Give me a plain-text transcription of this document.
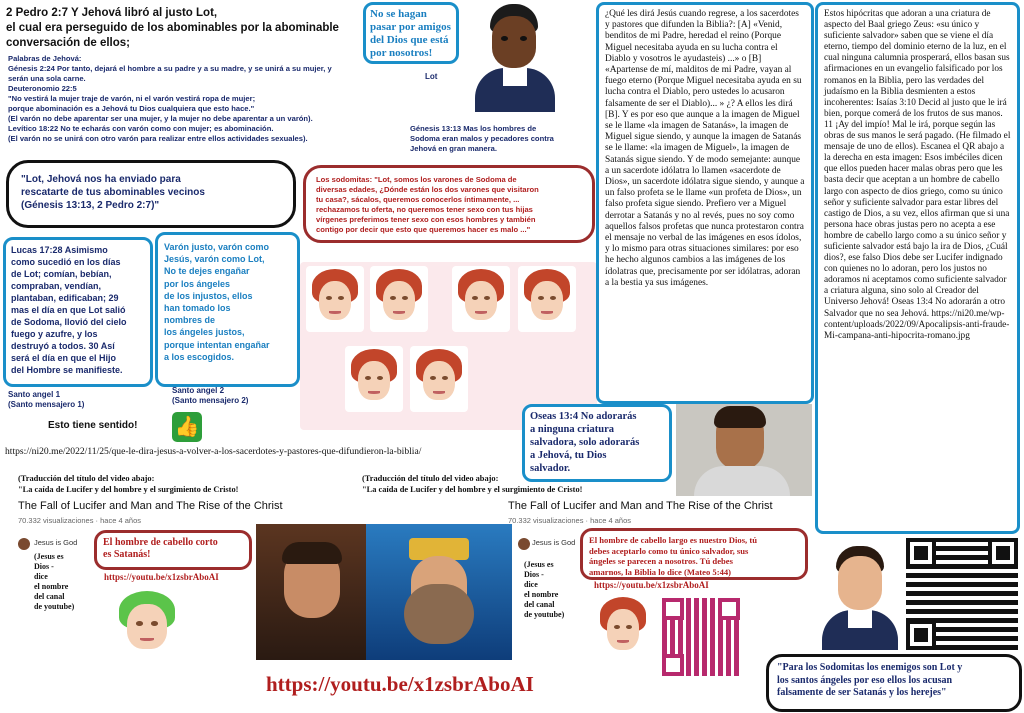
2 Pedro 2:7 Y Jehová libró al justo Lot,
el cual era perseguido de los abominables por la abominable
conversación de ellos;
Palabras de Jehová:
Génesis 2:24 Por tanto, dejará el hombre a su padre y a su madre, y se unirá a su mujer, y
serán una sola carne.
Deuteronomio 22:5
"No vestirá la mujer traje de varón, ni el varón vestirá ropa de mujer;
porque abominación es a Jehová tu Dios cualquiera que esto hace."
(El varón no debe aparentar ser una mujer, y la mujer no debe aparentar a un varón).
Levítico 18:22 No te echarás con varón como con mujer; es abominación.
(El varón no se unirá con otro varón para realizar entre ellos actividades sexuales).
No se hagan
pasar por amigos
del Dios que está
por nosotros!
Lot
Génesis 13:13 Mas los hombres de
Sodoma eran malos y pecadores contra
Jehová en gran manera.
"Lot, Jehová nos ha enviado para
rescatarte de tus abominables vecinos
(Génesis 13:13, 2 Pedro 2:7)"
Los sodomitas: "Lot, somos los varones de Sodoma de
diversas edades, ¿Dónde están los dos varones que visitaron
tu casa?, sácalos, queremos conocerlos íntimamente, ...
rechazamos tu oferta, no queremos tener sexo con tus hijas
vírgenes preferimos tener sexo con esos hombres y también
contigo por decir que esto que queremos hacer es malo ..."
Lucas 17:28 Asimismo
como sucedió en los días
de Lot; comían, bebían,
compraban, vendían,
plantaban, edificaban; 29
mas el día en que Lot salió
de Sodoma, llovió del cielo
fuego y azufre, y los
destruyó a todos. 30 Así
será el día en que el Hijo
del Hombre se manifieste.
Varón justo, varón como
Jesús, varón como Lot,
No te dejes engañar
por los ángeles
de los injustos, ellos
han tomado los
nombres de
los ángeles justos,
porque intentan engañar
a los escogidos.
Santo angel 1
(Santo mensajero 1)
Santo angel 2
(Santo mensajero 2)
Esto tiene sentido! 👍
https://ni20.me/2022/11/25/que-le-dira-jesus-a-volver-a-los-sacerdotes-y-pastores-que-difundieron-la-biblia/
¿Qué les dirá Jesús cuando regrese, a los sacerdotes y pastores que difunden la Biblia?: [A] «Venid, benditos de mi Padre, heredad el reino (Porque Miguel necesitaba ayuda en su lucha contra el Diablo y vosotros le ayudasteis) ...» o [B] «Apartense de mí, malditos de mi Padre, vayan al fuego eterno (Porque Miguel necesitaba ayuda en su lucha contra el Diablo, pero ustedes lo acusaron falsamente de ser el Diablo)... » ¿? A ellos les dirá [B]. Y es por eso que aunque a la imagen de Miguel se le llame «la imagen de Satanás», la imagen de Miguel sigue siendo, y aunque la imagen de Satanás se le llame: «la imagen de Miguel», la imagen de Satanás sigue siendo. Y de modo semejante: aunque a un sacerdote idólatra lo llamen «sacerdote de Dios», un sacerdote idólatra sigue siendo, y aunque a un falso profeta se le llame «un profeta de Dios», un falso profeta sigue siendo. Prefiero ver a Miguel derrotar a Satanás y no al revés, pues no soy como aquellos falsos profetas que nunca protestaron contra el mensaje no verbal de las imágenes en esos ídolos, y lo mismo para otras situaciones similares: por eso he hecho algunos cambios a las imágenes de los ídolatras que, precisamente por ser idólatras, adoran a la bestia ya sus imágenes.
Estos hipócritas que adoran a una criatura de aspecto del Baal griego Zeus: «su único y suficiente salvador» saben que se viene el día eterno, tiempo del dominio eterno de la luz, en el cual ninguna calumnia prosperará, ellos basan sus afirmaciones en un evangelio falsificado por los romanos en la Biblia, pero las verdades del judaísmo en la Biblia desmienten a estos incoherentes: Isaías 3:10 Decid al justo que le irá bien, porque comerá de los frutos de sus manos. 11 ¡Ay del impío! Mal le irá, porque según las obras de sus manos le será pagado. (He filmado el mensaje de uno de ellos). Escanea el QR abajo a la derecha en esta imagen: Esos imbéciles dicen que ellos pueden hacer malas obras pero que les basta decir que aceptan a un hombre de cabello largo con aspecto de dios griego, como su único señor y suficiente salvador para estar libres del castigo de Dios, a su vez, ellos afirman que si una persona hace obras justas pero no acepta a ese hombre de cabello largo como a su único señor y suficiente salvador está bajo la ira de Dios, ¿Cuál dios?, ese falso Dios debe ser Lucifer indignado con quienes no lo adoran, pero los justos no adoramos ni aceptamos como suficiente salvador a criatura alguna, sino solo al Creador del Universo Jehová! Oseas 13:4 No adorarán a otro Salvador que no sea Jehová. https://ni20.me/wp-content/uploads/2022/09/Apocalipsis-anti-fraude-Mi-campana-anti-hipocrita-romano.jpg
Oseas 13:4 No adorarás
a ninguna criatura
salvadora, solo adorarás
a Jehová, tu Dios
salvador.
(Traducción del título del video abajo:
"La caída de Lucifer y del hombre y el surgimiento de Cristo!
The Fall of Lucifer and Man and The Rise of the Christ
70.332 visualizaciones · hace 4 años
Jesus is God
(Jesus es
Dios -
dice
el nombre
del canal
de youtube)
El hombre de cabello corto
es Satanás!
https://youtu.be/x1zsbrAboAI
https://youtu.be/x1zsbrAboAI
(Traducción del título del video abajo:
"La caída de Lucifer y del hombre y el surgimiento de Cristo!
The Fall of Lucifer and Man and The Rise of the Christ
70.332 visualizaciones · hace 4 años
Jesus is God
(Jesus es
Dios -
dice
el nombre
del canal
de youtube)
El hombre de cabello largo es nuestro Dios, tú
debes aceptarlo como tu único salvador, sus
ángeles se parecen a nosotros. Tú debes
amarnos, la Biblia lo dice (Mateo 5:44)
https://youtu.be/x1zsbrAboAI
"Para los Sodomitas los enemigos son Lot y
los santos ángeles por eso ellos los acusan
falsamente de ser Satanás y los herejes"
